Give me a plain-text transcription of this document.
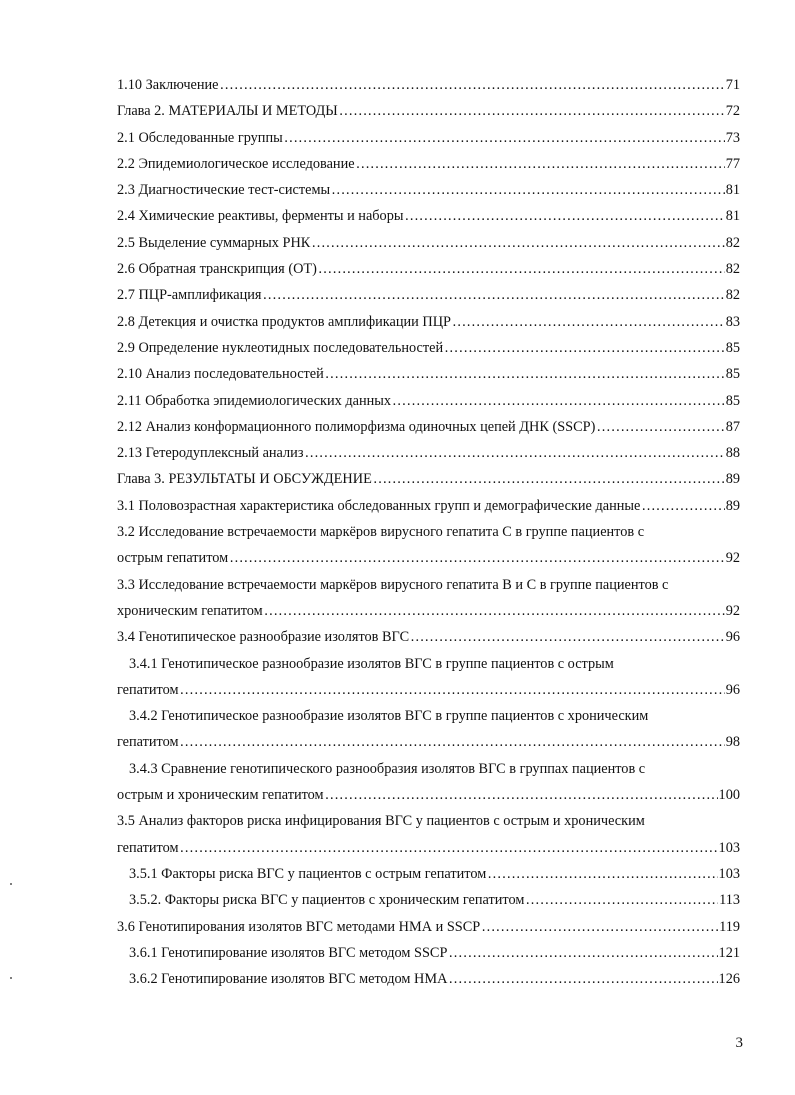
1.10 Заключение ………………………………………………………………………………………………………………………………………………………………………………………………………………	71
Глава 2. МАТЕРИАЛЫ И МЕТОДЫ ………………………………………………………………………………………………………………………………………………………………………………………………………………	72
2.1 Обследованные группы ………………………………………………………………………………………………………………………………………………………………………………………………………………	73
2.2 Эпидемиологическое исследование ………………………………………………………………………………………………………………………………………………………………………………………………………………	77
2.3 Диагностические тест-системы ………………………………………………………………………………………………………………………………………………………………………………………………………………	81
2.4 Химические реактивы, ферменты и наборы ………………………………………………………………………………………………………………………………………………………………………………………………………………	81
2.5 Выделение суммарных РНК ………………………………………………………………………………………………………………………………………………………………………………………………………………	82
2.6 Обратная транскрипция (ОТ) ………………………………………………………………………………………………………………………………………………………………………………………………………………	82
2.7 ПЦР-амплификация ………………………………………………………………………………………………………………………………………………………………………………………………………………	82
2.8 Детекция и очистка продуктов амплификации ПЦР ………………………………………………………………………………………………………………………………………………………………………………………………………………	83
2.9 Определение нуклеотидных последовательностей ………………………………………………………………………………………………………………………………………………………………………………………………………………	85
2.10 Анализ последовательностей ………………………………………………………………………………………………………………………………………………………………………………………………………………	85
2.11 Обработка эпидемиологических данных ………………………………………………………………………………………………………………………………………………………………………………………………………………	85
2.12 Анализ конформационного полиморфизма одиночных цепей ДНК (SSCP) ………………………………………………………………………………………………………………………………………………………………………………………………………………	87
2.13 Гетеродуплексный анализ ………………………………………………………………………………………………………………………………………………………………………………………………………………	88
Глава 3. РЕЗУЛЬТАТЫ И ОБСУЖДЕНИЕ ………………………………………………………………………………………………………………………………………………………………………………………………………………	89
3.1 Половозрастная характеристика обследованных групп и демографические данные ………………………………………………………………………………………………………………………………………………………………………………………………………………	89
3.2 Исследование встречаемости маркёров вирусного гепатита С в группе пациентов с
острым гепатитом ………………………………………………………………………………………………………………………………………………………………………………………………………………	92
3.3 Исследование встречаемости маркёров вирусного гепатита В и С в группе пациентов с
хроническим гепатитом ………………………………………………………………………………………………………………………………………………………………………………………………………………	92
3.4 Генотипическое разнообразие изолятов ВГС ………………………………………………………………………………………………………………………………………………………………………………………………………………	96
3.4.1 Генотипическое разнообразие изолятов ВГС в группе пациентов с острым
гепатитом ………………………………………………………………………………………………………………………………………………………………………………………………………………	96
3.4.2 Генотипическое разнообразие изолятов ВГС в группе пациентов с хроническим
гепатитом ………………………………………………………………………………………………………………………………………………………………………………………………………………	98
3.4.3 Сравнение генотипического разнообразия изолятов ВГС в группах пациентов с
острым и хроническим гепатитом ………………………………………………………………………………………………………………………………………………………………………………………………………………	100
3.5 Анализ факторов риска инфицирования ВГС у пациентов с острым и хроническим
гепатитом ………………………………………………………………………………………………………………………………………………………………………………………………………………	103
3.5.1 Факторы риска ВГС у пациентов с острым гепатитом ………………………………………………………………………………………………………………………………………………………………………………………………………………	103
3.5.2. Факторы риска ВГС у пациентов с хроническим гепатитом ………………………………………………………………………………………………………………………………………………………………………………………………………………	113
3.6 Генотипирования изолятов ВГС методами НМА и SSCP ………………………………………………………………………………………………………………………………………………………………………………………………………………	119
3.6.1 Генотипирование изолятов ВГС методом SSCP ………………………………………………………………………………………………………………………………………………………………………………………………………………	121
3.6.2 Генотипирование изолятов ВГС методом НМА ………………………………………………………………………………………………………………………………………………………………………………………………………………	126
3
